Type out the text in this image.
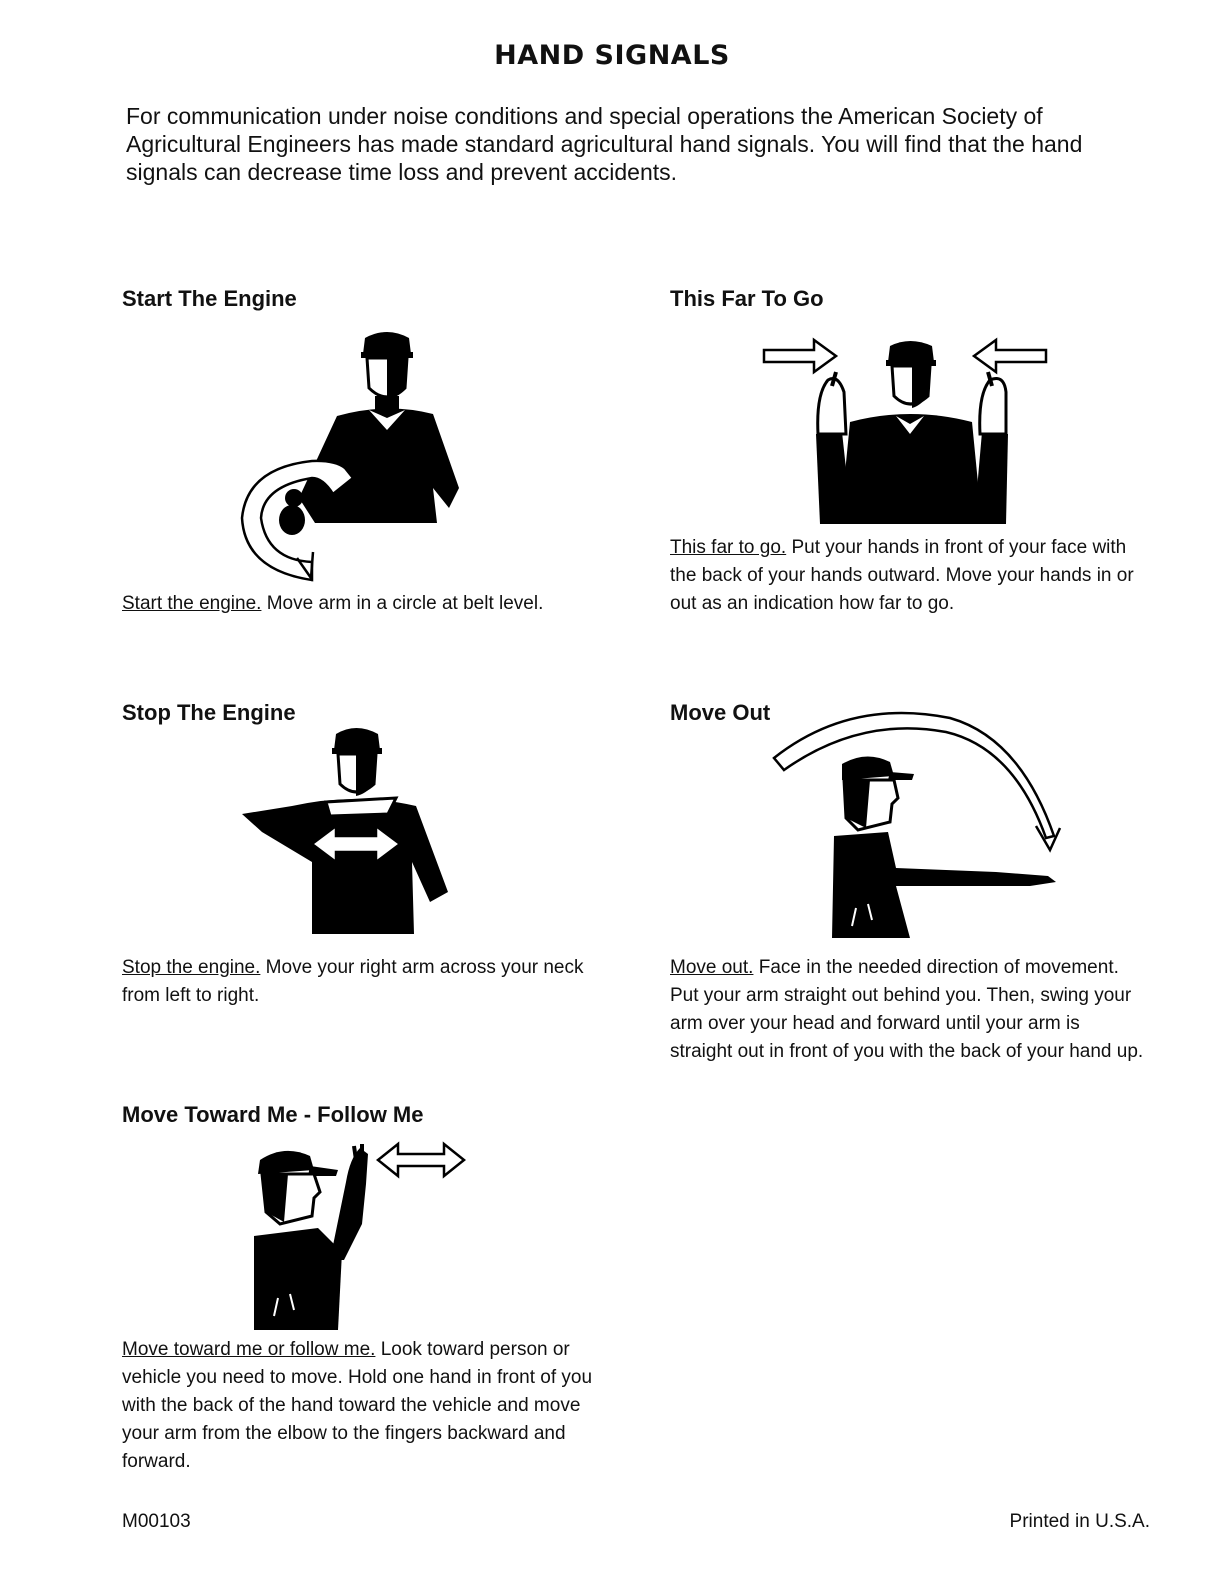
HAND SIGNALS

For communication under noise conditions and special operations the American Society of Agricultural Engineers has made standard agricultural hand signals. You will find that the hand signals can decrease time loss and prevent accidents.

Start The Engine

Start the engine. Move arm in a circle at belt level.

This Far To Go

This far to go. Put your hands in front of your face with the back of your hands outward. Move your hands in or out as an indication how far to go.

Stop The Engine

Stop the engine. Move your right arm across your neck from left to right.

Move Out

Move out. Face in the needed direction of movement. Put your arm straight out behind you. Then, swing your arm over your head and forward until your arm is straight out in front of you with the back of your hand up.

Move Toward Me - Follow Me

Move toward me or follow me. Look toward person or vehicle you need to move. Hold one hand in front of you with the back of the hand toward the vehicle and move your arm from the elbow to the fingers backward and forward.

M00103	Printed in U.S.A.
